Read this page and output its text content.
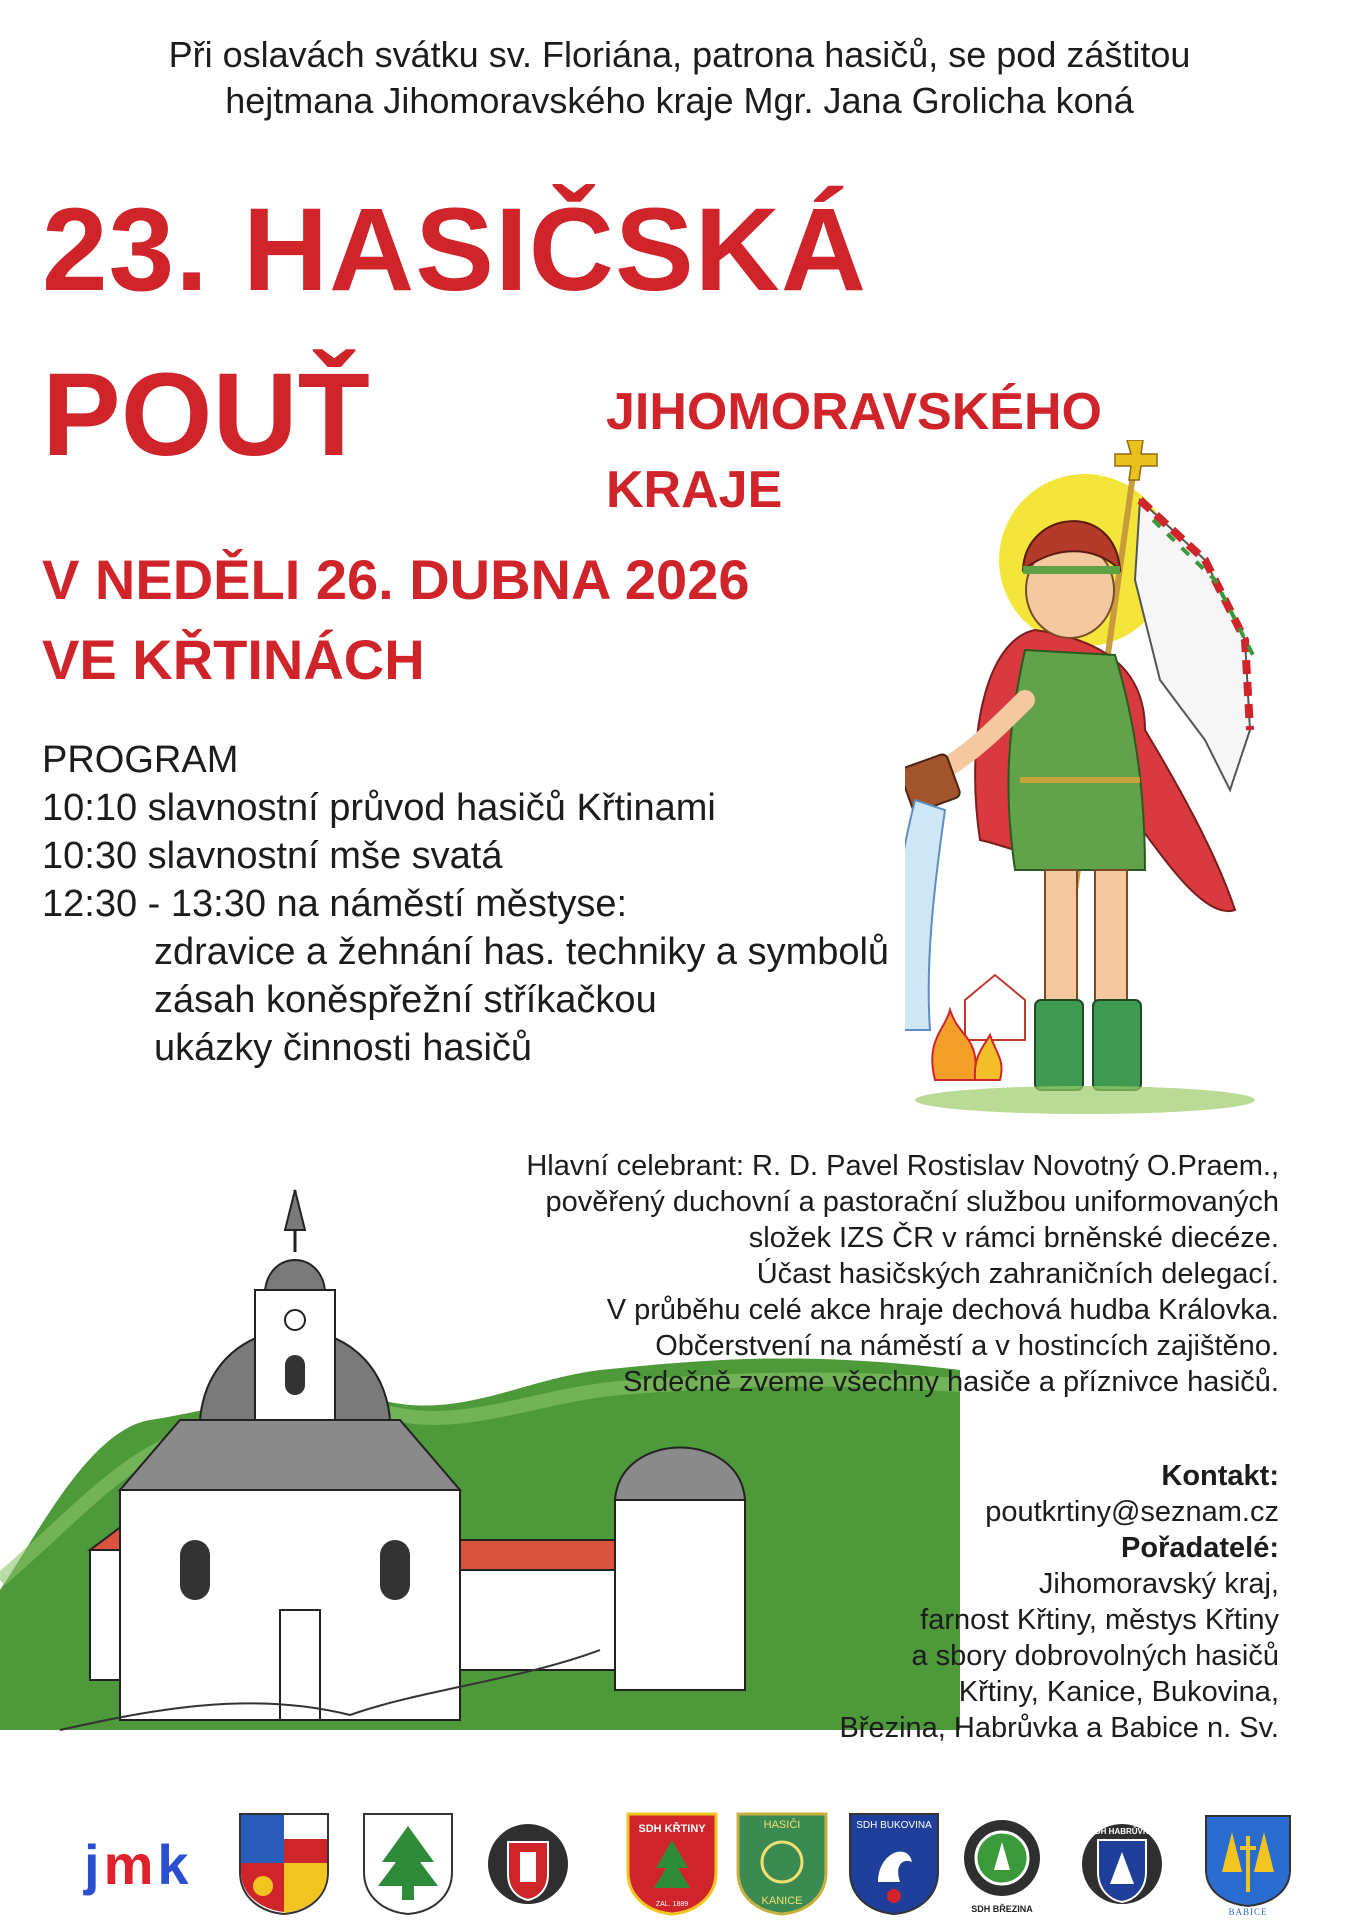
Při oslavách svátku sv. Floriána, patrona hasičů, se pod záštitou
hejtmana Jihomoravského kraje Mgr. Jana Grolicha koná
23. HASIČSKÁ
POUŤ	JIHOMORAVSKÉHO
KRAJE
V NEDĚLI 26. DUBNA 2026
VE KŘTINÁCH
PROGRAM
10:10 slavnostní průvod hasičů Křtinami
10:30 slavnostní mše svatá
12:30 - 13:30 na náměstí městyse:
zdravice a žehnání has. techniky a symbolů
zásah koněspřežní stříkačkou
ukázky činnosti hasičů
Hlavní celebrant: R. D. Pavel Rostislav Novotný O.Praem.,
pověřený duchovní a pastorační službou uniformovaných
složek IZS ČR v rámci brněnské diecéze.
Účast hasičských zahraničních delegací.
V průběhu celé akce hraje dechová hudba Královka.
Občerstvení na náměstí a v hostincích zajištěno.
Srdečně zveme všechny hasiče a příznivce hasičů.
Kontakt:
poutkrtiny@seznam.cz
Pořadatelé:
Jihomoravský kraj,
farnost Křtiny, městys Křtiny
a sbory dobrovolných hasičů
Křtiny, Kanice, Bukovina,
Březina, Habrůvka a Babice n. Sv.
jmk
SDH KŘTINY
ZAL. 1889
HASIČI
KANICE
SDH BUKOVINA
SDH BŘEZINA
SDH HABRŮVKA
BABICE
